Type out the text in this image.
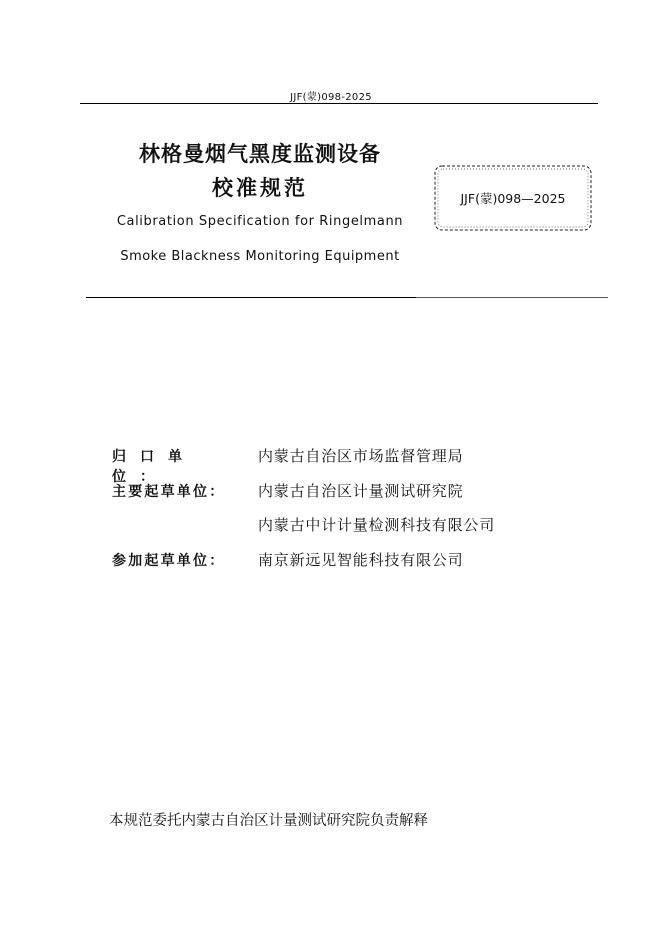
JJF(蒙)098-2025
林格曼烟气黑度监测设备
校准规范
Calibration Specification for Ringelmann
Smoke Blackness Monitoring Equipment
JJF(蒙)098—2025
归口单位：
内蒙古自治区市场监督管理局
主要起草单位：	内蒙古自治区计量测试研究院
内蒙古中计计量检测科技有限公司
参加起草单位：	南京新远见智能科技有限公司
本规范委托内蒙古自治区计量测试研究院负责解释
